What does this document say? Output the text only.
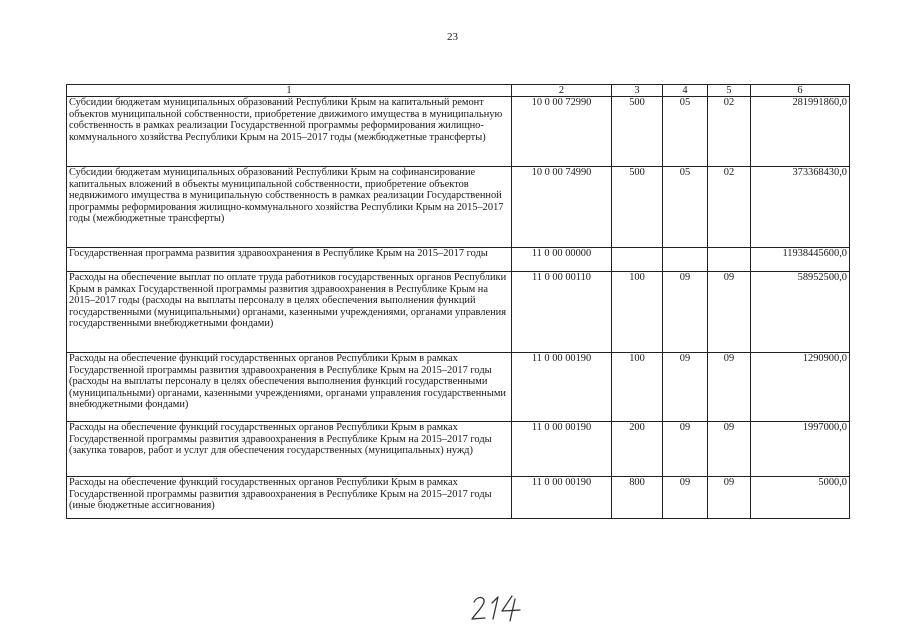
23
1	2	3	4	5	6
Субсидии бюджетам муниципальных образований Республики Крым на капитальный ремонт объектов муниципальной собственности, приобретение движимого имущества в муниципальную собственность в рамках реализации Государственной программы реформирования жилищно-коммунального хозяйства Республики Крым на 2015–2017 годы (межбюджетные трансферты)	10 0 00 72990	500	05	02	281991860,0
Субсидии бюджетам муниципальных образований Республики Крым на софинансирование капитальных вложений в объекты муниципальной собственности, приобретение объектов недвижимого имущества в муниципальную собственность в рамках реализации Государственной программы реформирования жилищно-коммунального хозяйства Республики Крым на 2015–2017 годы (межбюджетные трансферты)	10 0 00 74990	500	05	02	373368430,0
Государственная программа развития здравоохранения в Республике Крым на 2015–2017 годы	11 0 00 00000				11938445600,0
Расходы на обеспечение выплат по оплате труда работников государственных органов Республики Крым в рамках Государственной программы развития здравоохранения в Республике Крым на 2015–2017 годы (расходы на выплаты персоналу в целях обеспечения выполнения функций государственными (муниципальными) органами, казенными учреждениями, органами управления государственными внебюджетными фондами)	11 0 00 00110	100	09	09	58952500,0
Расходы на обеспечение функций государственных органов Республики Крым в рамках Государственной программы развития здравоохранения в Республике Крым на 2015–2017 годы (расходы на выплаты персоналу в целях обеспечения выполнения функций государственными (муниципальными) органами, казенными учреждениями, органами управления государственными внебюджетными фондами)	11 0 00 00190	100	09	09	1290900,0
Расходы на обеспечение функций государственных органов Республики Крым в рамках Государственной программы развития здравоохранения в Республике Крым на 2015–2017 годы (закупка товаров, работ и услуг для обеспечения государственных (муниципальных) нужд)	11 0 00 00190	200	09	09	1997000,0
Расходы на обеспечение функций государственных органов Республики Крым в рамках Государственной программы развития здравоохранения в Республике Крым на 2015–2017 годы (иные бюджетные ассигнования)	11 0 00 00190	800	09	09	5000,0
